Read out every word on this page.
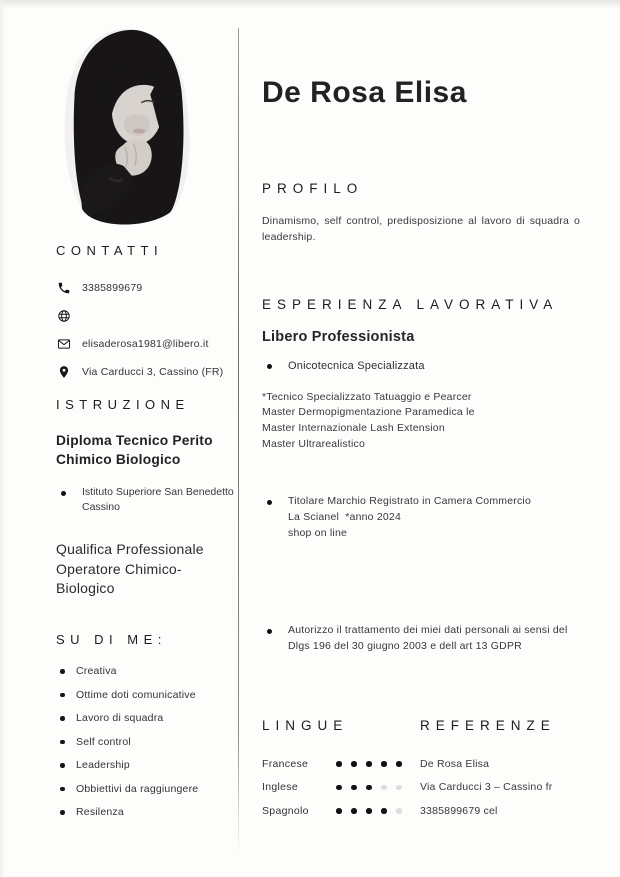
CONTATTI
3385899679
elisaderosa1981@libero.it
Via Carducci 3, Cassino (FR)
ISTRUZIONE

Diploma Tecnico Perito Chimico Biologico

Istituto Superiore San Benedetto Cassino

Qualifica Professionale Operatore Chimico-Biologico

SU DI ME:
Creativa
Ottime doti comunicative
Lavoro di squadra
Self control
Leadership
Obbiettivi da raggiungere
Resilenza
De Rosa Elisa
PROFILO

Dinamismo, self control, predisposizione al lavoro di squadra o leadership.

ESPERIENZA LAVORATIVA
Libero Professionista
Onicotecnica Specializzata
*Tecnico Specializzato Tatuaggio e Pearcer
Master Dermopigmentazione Paramedica le
Master Internazionale Lash Extension
Master Ultrarealistico
Titolare Marchio Registrato in Camera Commercio
La Scianel  *anno 2024
shop on line
Autorizzo il trattamento dei miei dati personali ai sensi del
Dlgs 196 del 30 giugno 2003 e dell art 13 GDPR
LINGUE
Francese
Inglese
Spagnolo
REFERENZE
De Rosa Elisa
Via Carducci 3 – Cassino fr
3385899679 cel
